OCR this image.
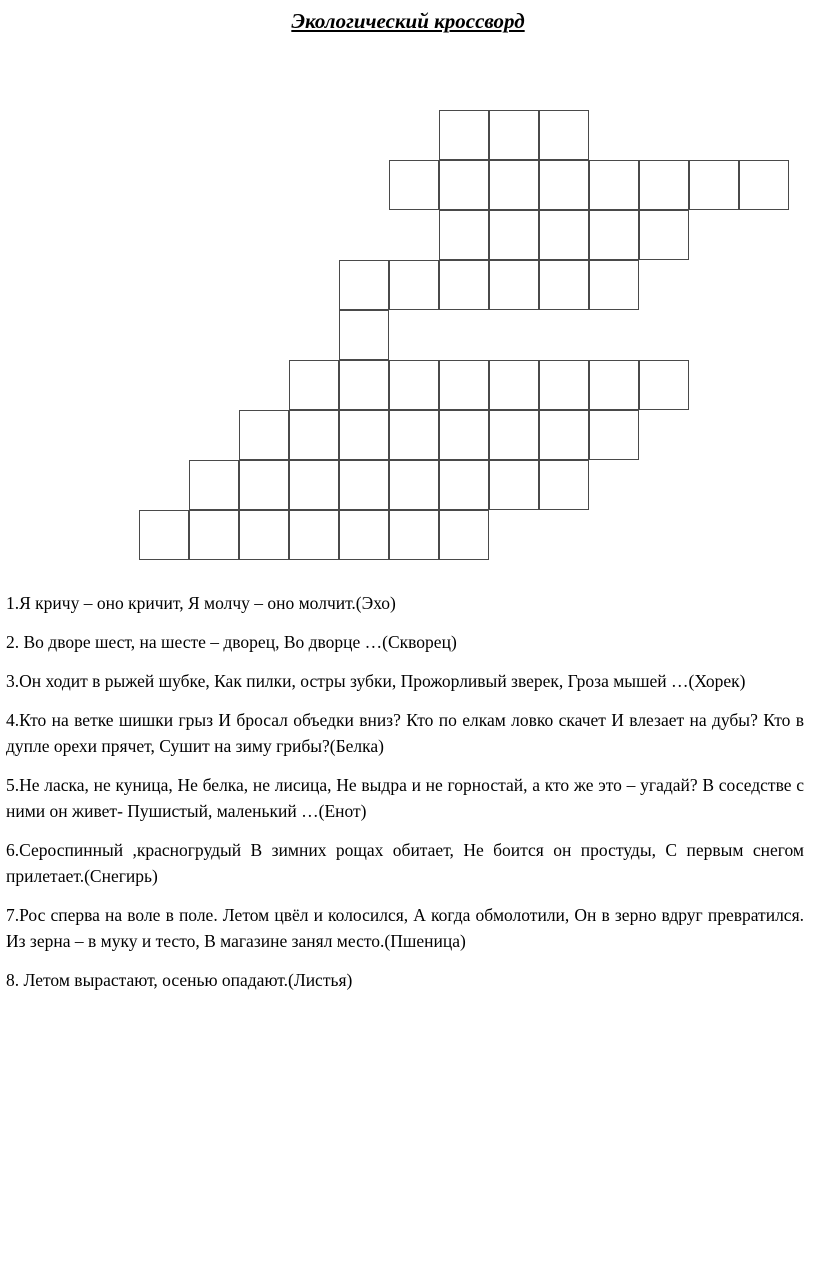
Экологический кроссворд

1.Я кричу – оно кричит, Я молчу – оно молчит.(Эхо)

2. Во дворе шест, на шесте – дворец, Во дворце …(Скворец)

3.Он ходит в рыжей шубке, Как пилки, остры зубки, Прожорливый зверек, Гроза мышей …(Хорек)

4.Кто на ветке шишки грыз И бросал объедки вниз? Кто по елкам ловко скачет И влезает на дубы? Кто в дупле орехи прячет, Сушит на зиму грибы?(Белка)

5.Не ласка, не куница, Не белка, не лисица, Не выдра и не горностай, а кто же это – угадай? В соседстве с ними он живет- Пушистый, маленький …(Енот)

6.Сероспинный ,красногрудый В зимних рощах обитает, Не боится он простуды, С первым снегом прилетает.(Снегирь)

7.Рос сперва на воле в поле. Летом цвёл и колосился, А когда обмолотили, Он в зерно вдруг превратился. Из зерна – в муку и тесто, В магазине занял место.(Пшеница)

8. Летом вырастают, осенью опадают.(Листья)
